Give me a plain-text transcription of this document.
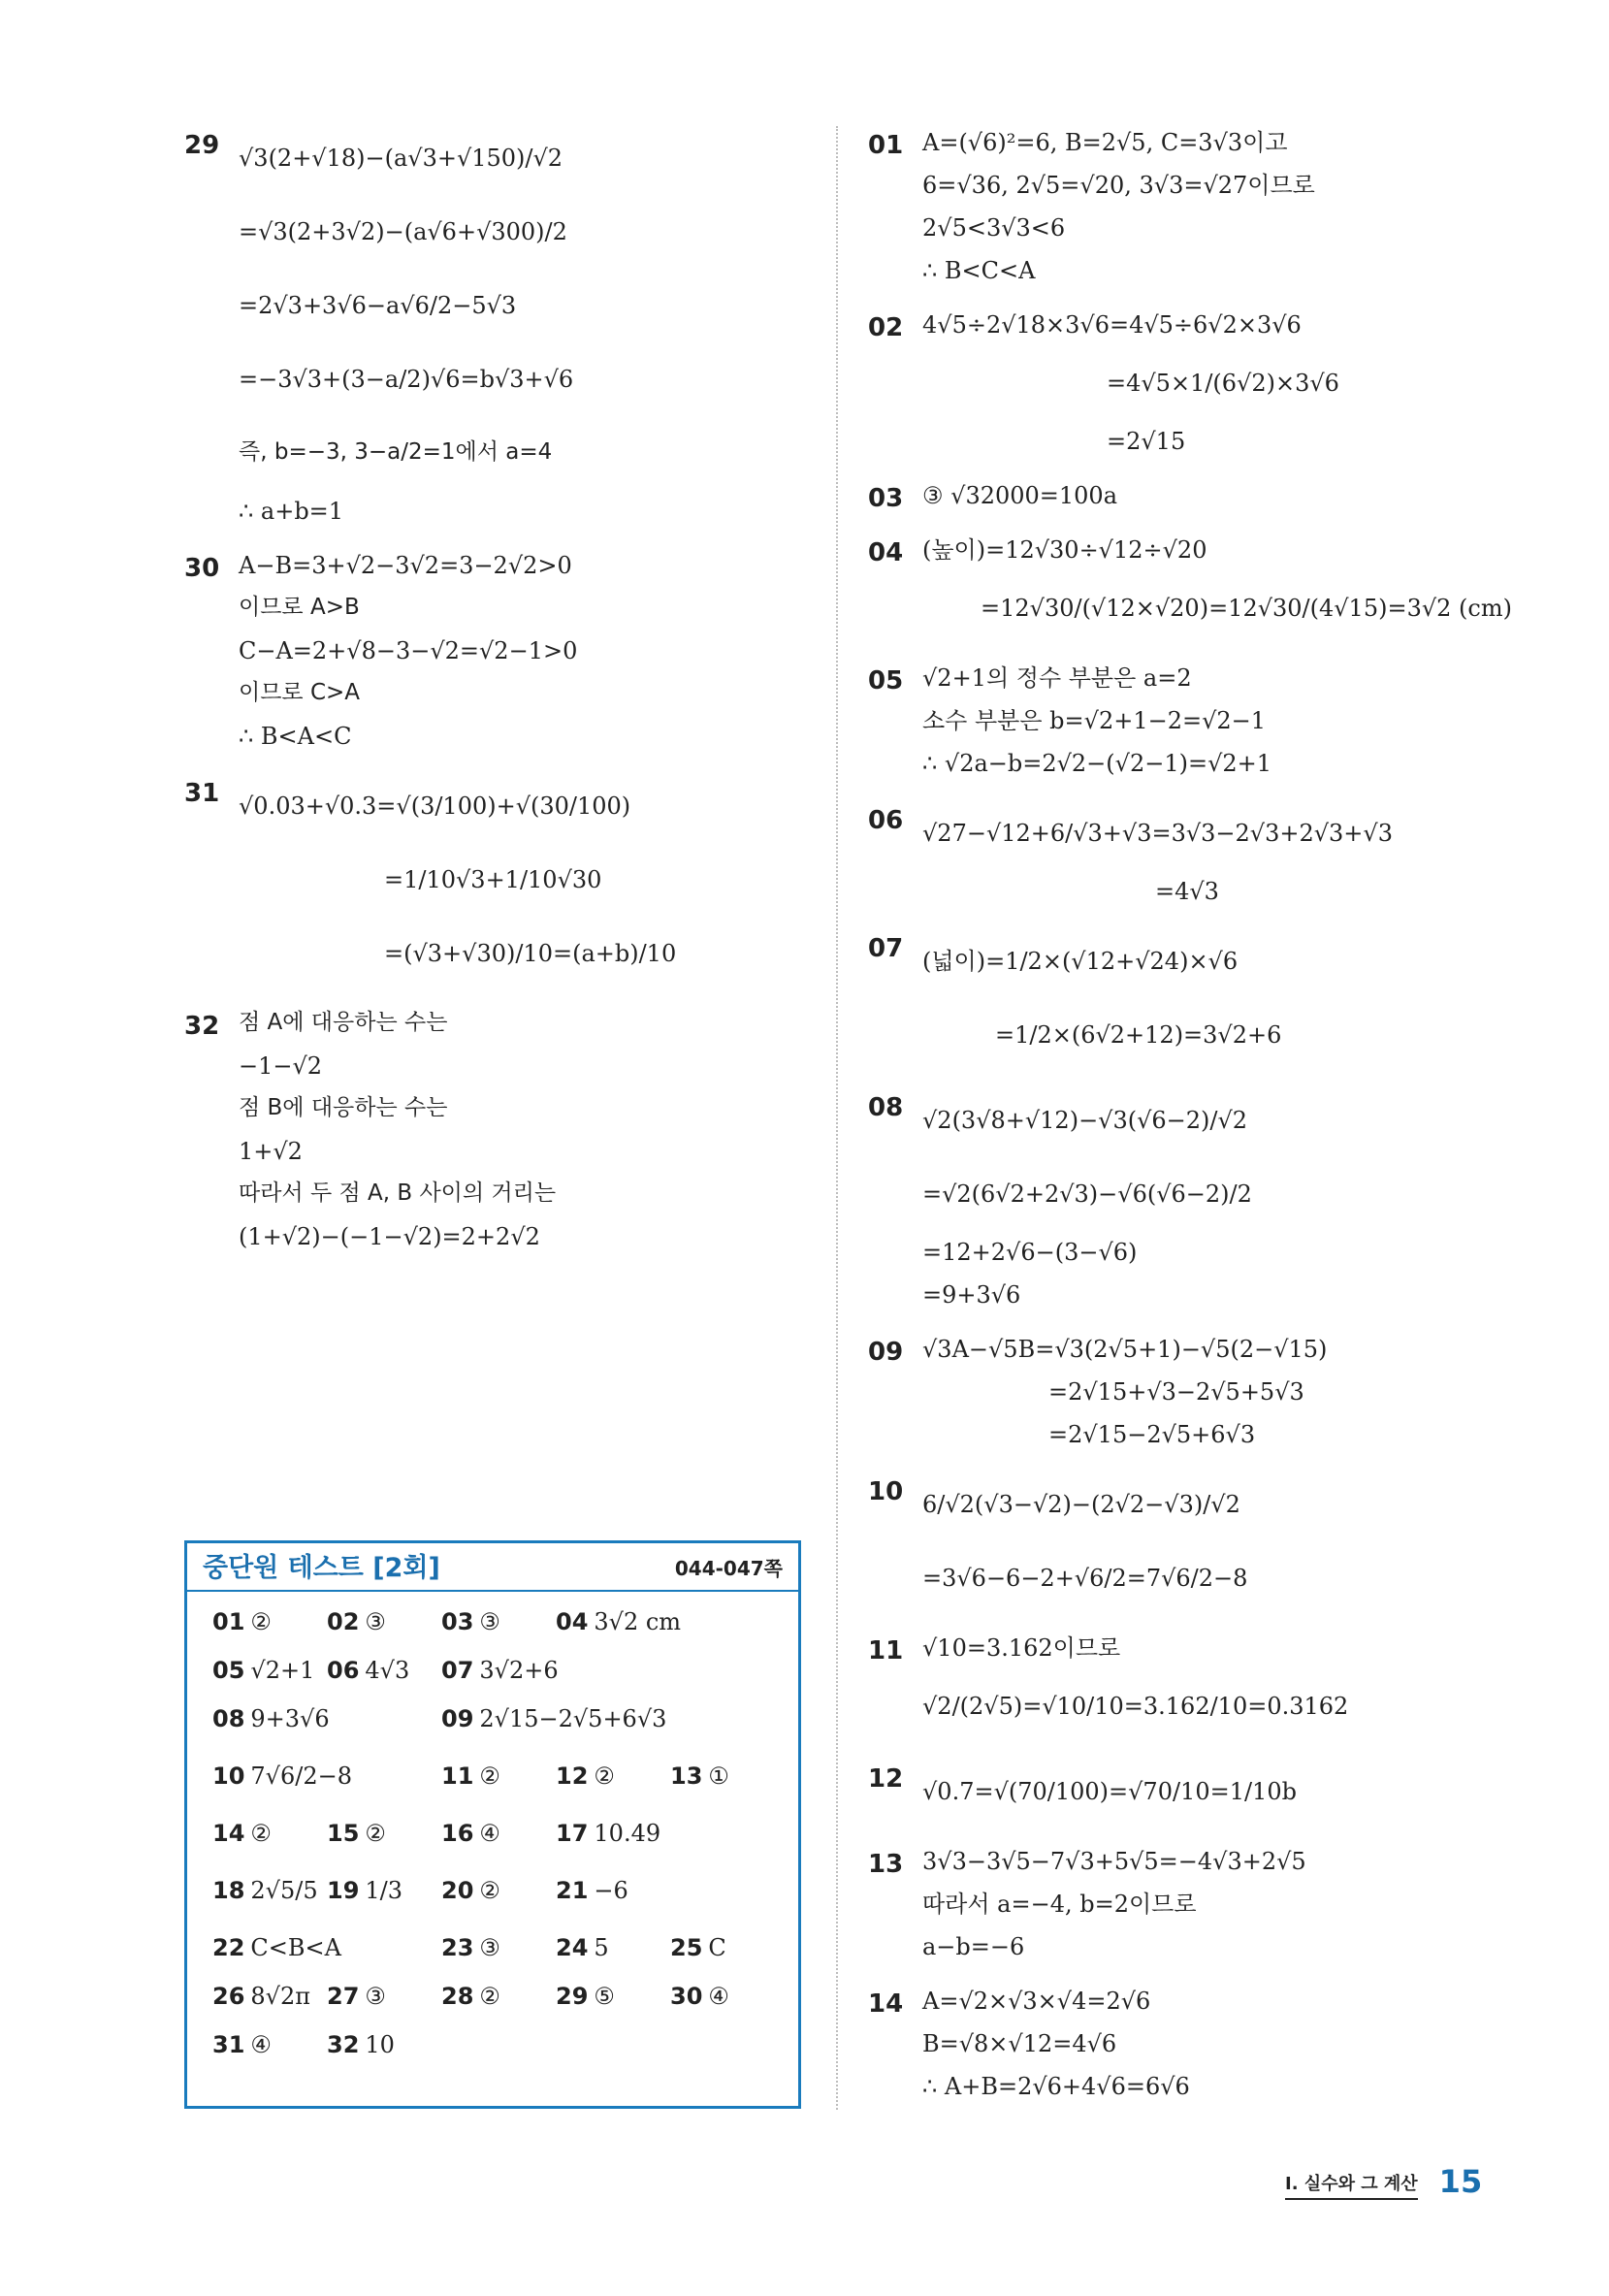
29 √3(2+√18)−(a√3+√150)/√2
=√3(2+3√2)−(a√6+√300)/2
=2√3+3√6−a√6/2−5√3
=−3√3+(3−a/2)√6=b√3+√6
즉, b=−3, 3−a/2=1에서 a=4
∴ a+b=1
30 A−B=3+√2−3√2=3−2√2>0
이므로 A>B
C−A=2+√8−3−√2=√2−1>0
이므로 C>A
∴ B<A<C
31 √0.03+√0.3=√(3/100)+√(30/100)
=1/10√3+1/10√30
=(√3+√30)/10=(a+b)/10
32 점 A에 대응하는 수는
−1−√2
점 B에 대응하는 수는
1+√2
따라서 두 점 A, B 사이의 거리는
(1+√2)−(−1−√2)=2+2√2
01 A=(√6)²=6, B=2√5, C=3√3이고
6=√36, 2√5=√20, 3√3=√27이므로
2√5<3√3<6
∴ B<C<A
02 4√5÷2√18×3√6=4√5÷6√2×3√6
=4√5×1/(6√2)×3√6
=2√15
03 ③ √32000=100a
04 (높이)=12√30÷√12÷√20
=12√30/(√12×√20)=12√30/(4√15)=3√2 (cm)
05 √2+1의 정수 부분은 a=2
소수 부분은 b=√2+1−2=√2−1
∴ √2a−b=2√2−(√2−1)=√2+1
06 √27−√12+6/√3+√3=3√3−2√3+2√3+√3
=4√3
07 (넓이)=1/2×(√12+√24)×√6
=1/2×(6√2+12)=3√2+6
08 √2(3√8+√12)−√3(√6−2)/√2
=√2(6√2+2√3)−√6(√6−2)/2
=12+2√6−(3−√6)
=9+3√6
09 √3A−√5B=√3(2√5+1)−√5(2−√15)
=2√15+√3−2√5+5√3
=2√15−2√5+6√3
10 6/√2(√3−√2)−(2√2−√3)/√2
=3√6−6−2+√6/2=7√6/2−8
11 √10=3.162이므로
√2/(2√5)=√10/10=3.162/10=0.3162
12 √0.7=√(70/100)=√70/10=1/10b
13 3√3−3√5−7√3+5√5=−4√3+2√5
따라서 a=−4, b=2이므로
a−b=−6
14 A=√2×√3×√4=2√6
B=√8×√12=4√6
∴ A+B=2√6+4√6=6√6
중단원 테스트 [2회]	044-047쪽
01 ② 02 ③ 03 ③ 04 3√2 cm
05 √2+1 06 4√3 07 3√2+6
08 9+3√6	09 2√15−2√5+6√3
10 7√6/2−8	11 ② 12 ② 13 ①
14 ② 15 ② 16 ④ 17 10.49
18 2√5/5 19 1/3 20 ② 21 −6
22 C<B<A	23 ③ 24 5	25 C
26 8√2π 27 ③ 28 ② 29 ⑤ 30 ④
31 ④ 32 10
I. 실수와 그 계산 15
